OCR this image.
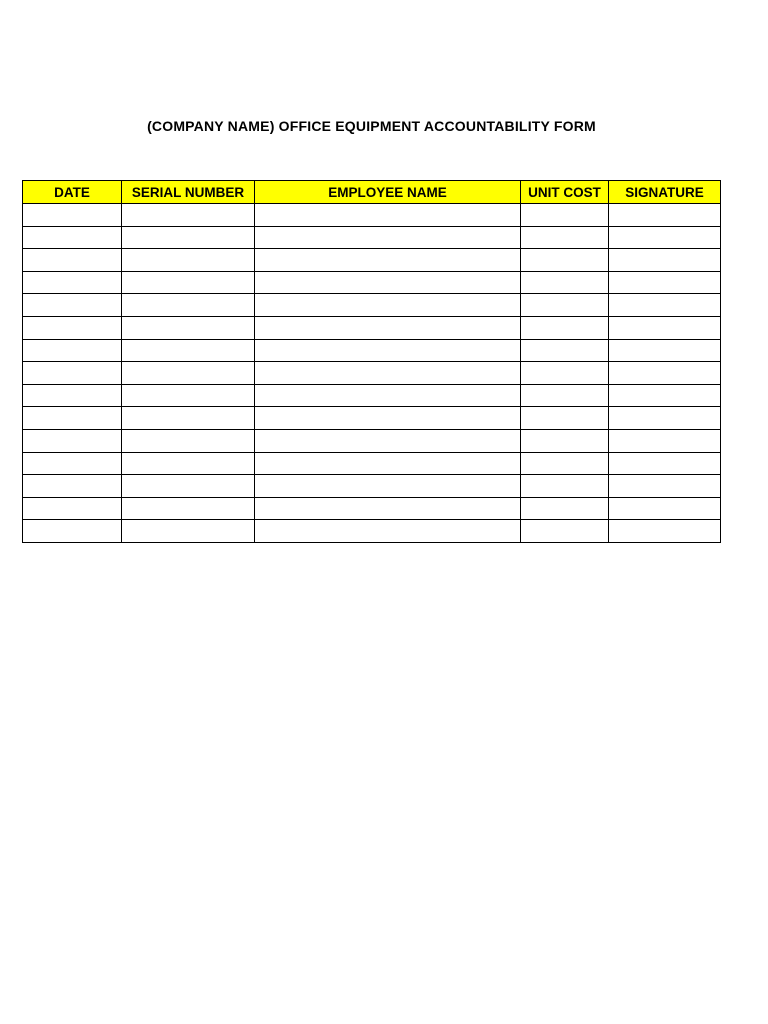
(COMPANY NAME) OFFICE EQUIPMENT ACCOUNTABILITY FORM
DATE	SERIAL NUMBER	EMPLOYEE NAME	UNIT COST	SIGNATURE
